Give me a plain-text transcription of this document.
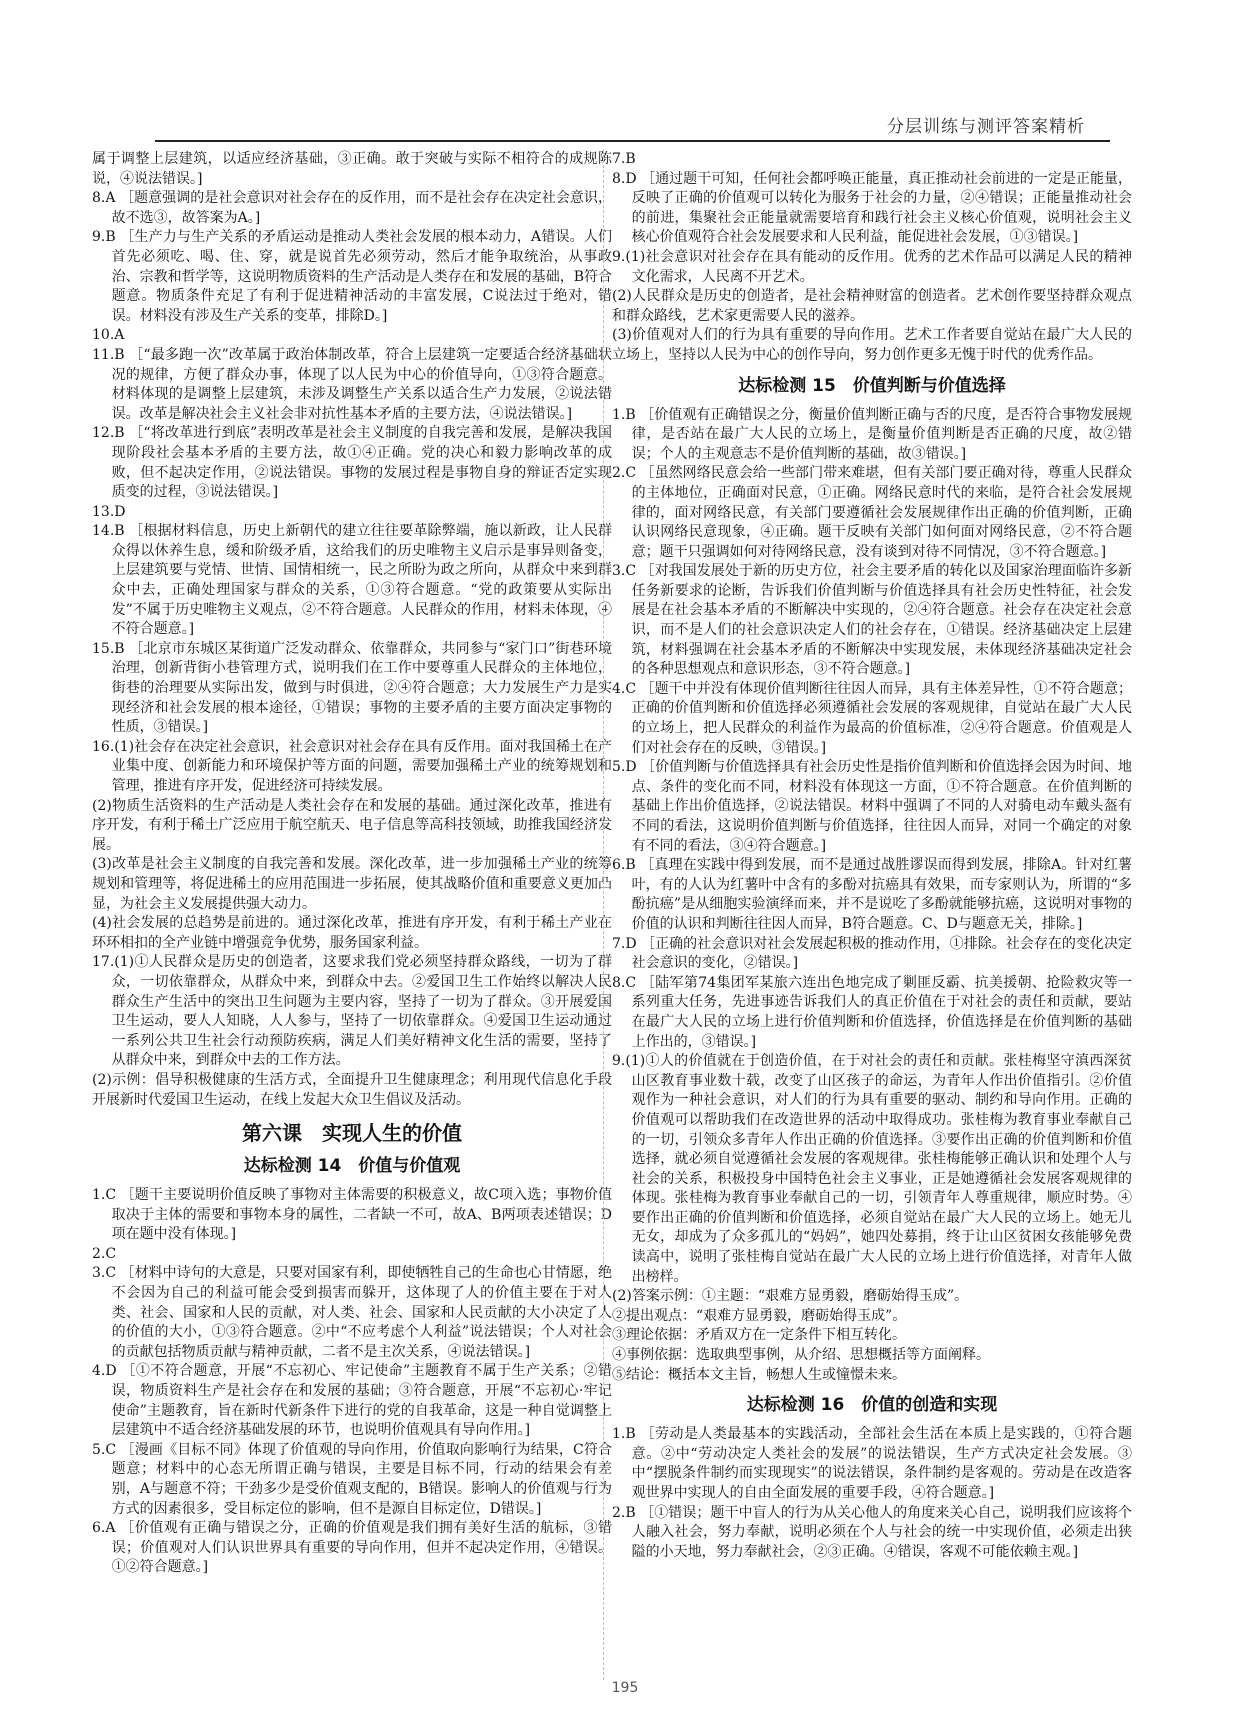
分层训练与测评答案精析
属于调整上层建筑，以适应经济基础，③正确。敢于突破与实际不相符合的成规陈说，④说法错误。]
8.A ［题意强调的是社会意识对社会存在的反作用，而不是社会存在决定社会意识，故不选③，故答案为A。]
9.B ［生产力与生产关系的矛盾运动是推动人类社会发展的根本动力，A错误。人们首先必须吃、喝、住、穿，就是说首先必须劳动，然后才能争取统治，从事政治、宗教和哲学等，这说明物质资料的生产活动是人类存在和发展的基础，B符合题意。物质条件充足了有利于促进精神活动的丰富发展，C说法过于绝对，错误。材料没有涉及生产关系的变革，排除D。]
10.A
11.B ［“最多跑一次”改革属于政治体制改革，符合上层建筑一定要适合经济基础状况的规律，方便了群众办事，体现了以人民为中心的价值导向，①③符合题意。材料体现的是调整上层建筑，未涉及调整生产关系以适合生产力发展，②说法错误。改革是解决社会主义社会非对抗性基本矛盾的主要方法，④说法错误。]
12.B ［“将改革进行到底”表明改革是社会主义制度的自我完善和发展，是解决我国现阶段社会基本矛盾的主要方法，故①④正确。党的决心和毅力影响改革的成败，但不起决定作用，②说法错误。事物的发展过程是事物自身的辩证否定实现质变的过程，③说法错误。]
13.D
14.B ［根据材料信息，历史上新朝代的建立往往要革除弊端，施以新政，让人民群众得以休养生息，缓和阶级矛盾，这给我们的历史唯物主义启示是事异则备变，上层建筑要与党情、世情、国情相统一，民之所盼为政之所向，从群众中来到群众中去，正确处理国家与群众的关系，①③符合题意。“党的政策要从实际出发”不属于历史唯物主义观点，②不符合题意。人民群众的作用，材料未体现，④不符合题意。]
15.B ［北京市东城区某街道广泛发动群众、依靠群众，共同参与“家门口”街巷环境治理，创新背街小巷管理方式，说明我们在工作中要尊重人民群众的主体地位，街巷的治理要从实际出发，做到与时俱进，②④符合题意；大力发展生产力是实现经济和社会发展的根本途径，①错误；事物的主要矛盾的主要方面决定事物的性质，③错误。]
16.(1)社会存在决定社会意识，社会意识对社会存在具有反作用。面对我国稀土在产业集中度、创新能力和环境保护等方面的问题，需要加强稀土产业的统筹规划和管理，推进有序开发，促进经济可持续发展。
(2)物质生活资料的生产活动是人类社会存在和发展的基础。通过深化改革，推进有序开发，有利于稀土广泛应用于航空航天、电子信息等高科技领域，助推我国经济发展。
(3)改革是社会主义制度的自我完善和发展。深化改革，进一步加强稀土产业的统筹规划和管理等，将促进稀土的应用范围进一步拓展，使其战略价值和重要意义更加凸显，为社会主义发展提供强大动力。
(4)社会发展的总趋势是前进的。通过深化改革，推进有序开发，有利于稀土产业在环环相扣的全产业链中增强竞争优势，服务国家利益。
17.(1)①人民群众是历史的创造者，这要求我们党必须坚持群众路线，一切为了群众，一切依靠群众，从群众中来，到群众中去。②爱国卫生工作始终以解决人民群众生产生活中的突出卫生问题为主要内容，坚持了一切为了群众。③开展爱国卫生运动，要人人知晓，人人参与，坚持了一切依靠群众。④爱国卫生运动通过一系列公共卫生社会行动预防疾病，满足人们美好精神文化生活的需要，坚持了从群众中来，到群众中去的工作方法。
(2)示例：倡导积极健康的生活方式，全面提升卫生健康理念；利用现代信息化手段开展新时代爱国卫生运动，在线上发起大众卫生倡议及活动。
第六课　实现人生的价值
达标检测 14　价值与价值观
1.C ［题干主要说明价值反映了事物对主体需要的积极意义，故C项入选；事物价值取决于主体的需要和事物本身的属性，二者缺一不可，故A、B两项表述错误；D项在题中没有体现。]
2.C
3.C ［材料中诗句的大意是，只要对国家有利，即使牺牲自己的生命也心甘情愿，绝不会因为自己的利益可能会受到损害而躲开，这体现了人的价值主要在于对人类、社会、国家和人民的贡献，对人类、社会、国家和人民贡献的大小决定了人的价值的大小，①③符合题意。②中“不应考虑个人利益”说法错误；个人对社会的贡献包括物质贡献与精神贡献，二者不是主次关系，④说法错误。]
4.D ［①不符合题意，开展“不忘初心、牢记使命”主题教育不属于生产关系；②错误，物质资料生产是社会存在和发展的基础；③符合题意，开展“不忘初心·牢记使命”主题教育，旨在新时代新条件下进行的党的自我革命，这是一种自觉调整上层建筑中不适合经济基础发展的环节，也说明价值观具有导向作用。]
5.C ［漫画《目标不同》体现了价值观的导向作用，价值取向影响行为结果，C符合题意；材料中的心态无所谓正确与错误，主要是目标不同，行动的结果会有差别，A与题意不符；干劲多少是受价值观支配的，B错误。影响人的价值观与行为方式的因素很多，受目标定位的影响，但不是源自目标定位，D错误。]
6.A ［价值观有正确与错误之分，正确的价值观是我们拥有美好生活的航标，③错误；价值观对人们认识世界具有重要的导向作用，但并不起决定作用，④错误。①②符合题意。]
7.B
8.D ［通过题干可知，任何社会都呼唤正能量，真正推动社会前进的一定是正能量，反映了正确的价值观可以转化为服务于社会的力量，②④错误；正能量推动社会的前进，集聚社会正能量就需要培育和践行社会主义核心价值观，说明社会主义核心价值观符合社会发展要求和人民利益，能促进社会发展，①③错误。]
9.(1)社会意识对社会存在具有能动的反作用。优秀的艺术作品可以满足人民的精神文化需求，人民离不开艺术。
(2)人民群众是历史的创造者，是社会精神财富的创造者。艺术创作要坚持群众观点和群众路线，艺术家更需要人民的滋养。
(3)价值观对人们的行为具有重要的导向作用。艺术工作者要自觉站在最广大人民的立场上，坚持以人民为中心的创作导向，努力创作更多无愧于时代的优秀作品。
达标检测 15　价值判断与价值选择
1.B ［价值观有正确错误之分，衡量价值判断正确与否的尺度，是否符合事物发展规律，是否站在最广大人民的立场上，是衡量价值判断是否正确的尺度，故②错误；个人的主观意志不是价值判断的基础，故③错误。]
2.C ［虽然网络民意会给一些部门带来难堪，但有关部门要正确对待，尊重人民群众的主体地位，正确面对民意，①正确。网络民意时代的来临，是符合社会发展规律的，面对网络民意，有关部门要遵循社会发展规律作出正确的价值判断，正确认识网络民意现象，④正确。题干反映有关部门如何面对网络民意，②不符合题意；题干只强调如何对待网络民意，没有谈到对待不同情况，③不符合题意。]
3.C ［对我国发展处于新的历史方位，社会主要矛盾的转化以及国家治理面临许多新任务新要求的论断，告诉我们价值判断与价值选择具有社会历史性特征，社会发展是在社会基本矛盾的不断解决中实现的，②④符合题意。社会存在决定社会意识，而不是人们的社会意识决定人们的社会存在，①错误。经济基础决定上层建筑，材料强调在社会基本矛盾的不断解决中实现发展，未体现经济基础决定社会的各种思想观点和意识形态，③不符合题意。]
4.C ［题干中并没有体现价值判断往往因人而异，具有主体差异性，①不符合题意；正确的价值判断和价值选择必须遵循社会发展的客观规律，自觉站在最广大人民的立场上，把人民群众的利益作为最高的价值标准，②④符合题意。价值观是人们对社会存在的反映，③错误。]
5.D ［价值判断与价值选择具有社会历史性是指价值判断和价值选择会因为时间、地点、条件的变化而不同，材料没有体现这一方面，①不符合题意。在价值判断的基础上作出价值选择，②说法错误。材料中强调了不同的人对骑电动车戴头盔有不同的看法，这说明价值判断与价值选择，往往因人而异，对同一个确定的对象有不同的看法，③④符合题意。]
6.B ［真理在实践中得到发展，而不是通过战胜谬误而得到发展，排除A。针对红薯叶，有的人认为红薯叶中含有的多酚对抗癌具有效果，而专家则认为，所谓的“多酚抗癌”是从细胞实验演绎而来，并不是说吃了多酚就能够抗癌，这说明对事物的价值的认识和判断往往因人而异，B符合题意。C、D与题意无关，排除。]
7.D ［正确的社会意识对社会发展起积极的推动作用，①排除。社会存在的变化决定社会意识的变化，②错误。]
8.C ［陆军第74集团军某旅六连出色地完成了剿匪反霸、抗美援朝、抢险救灾等一系列重大任务，先进事迹告诉我们人的真正价值在于对社会的责任和贡献，要站在最广大人民的立场上进行价值判断和价值选择，价值选择是在价值判断的基础上作出的，③错误。]
9.(1)①人的价值就在于创造价值，在于对社会的责任和贡献。张桂梅坚守滇西深贫山区教育事业数十载，改变了山区孩子的命运，为青年人作出价值指引。②价值观作为一种社会意识，对人们的行为具有重要的驱动、制约和导向作用。正确的价值观可以帮助我们在改造世界的活动中取得成功。张桂梅为教育事业奉献自己的一切，引领众多青年人作出正确的价值选择。③要作出正确的价值判断和价值选择，就必须自觉遵循社会发展的客观规律。张桂梅能够正确认识和处理个人与社会的关系，积极投身中国特色社会主义事业，正是她遵循社会发展客观规律的体现。张桂梅为教育事业奉献自己的一切，引领青年人尊重规律，顺应时势。④要作出正确的价值判断和价值选择，必须自觉站在最广大人民的立场上。她无儿无女，却成为了众多孤儿的“妈妈”，她四处募捐，终于让山区贫困女孩能够免费读高中，说明了张桂梅自觉站在最广大人民的立场上进行价值选择，对青年人做出榜样。
(2)答案示例：①主题：“艰难方显勇毅，磨砺始得玉成”。
②提出观点：“艰难方显勇毅，磨砺始得玉成”。
③理论依据：矛盾双方在一定条件下相互转化。
④事例依据：选取典型事例，从介绍、思想概括等方面阐释。
⑤结论：概括本文主旨，畅想人生或憧憬未来。
达标检测 16　价值的创造和实现
1.B ［劳动是人类最基本的实践活动，全部社会生活在本质上是实践的，①符合题意。②中“劳动决定人类社会的发展”的说法错误，生产方式决定社会发展。③中“摆脱条件制约而实现现实”的说法错误，条件制约是客观的。劳动是在改造客观世界中实现人的自由全面发展的重要手段，④符合题意。]
2.B ［①错误；题干中盲人的行为从关心他人的角度来关心自己，说明我们应该将个人融入社会，努力奉献，说明必须在个人与社会的统一中实现价值，必须走出狭隘的小天地，努力奉献社会，②③正确。④错误，客观不可能依赖主观。]
195
